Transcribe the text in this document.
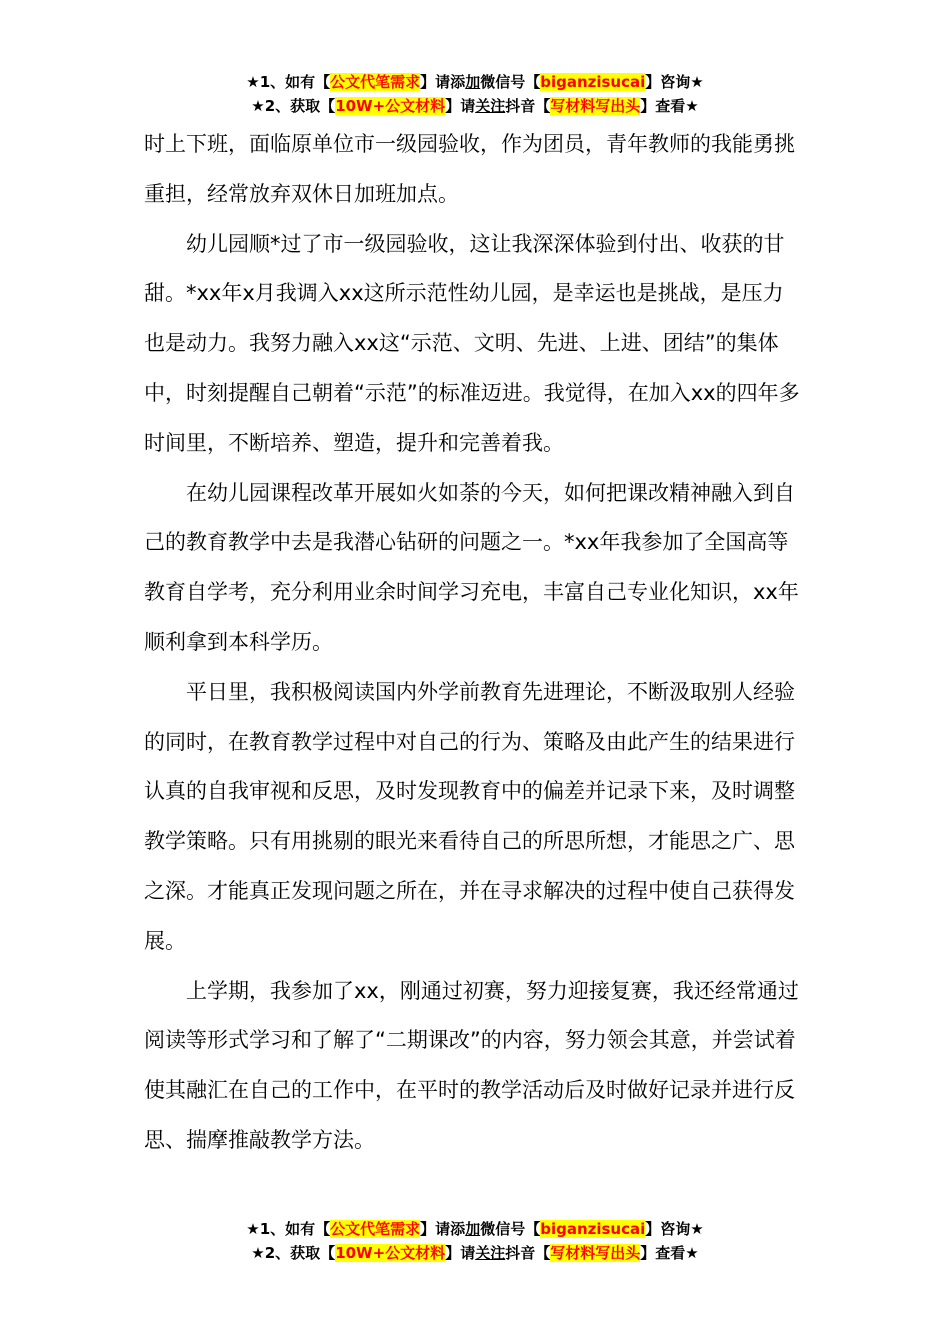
★1、如有【公文代笔需求】请添加微信号【biganzisucai】咨询★
★2、获取【10W+公文材料】请关注抖音【写材料写出头】查看★

时上下班，面临原单位市一级园验收，作为团员，青年教师的我能勇挑重担，经常放弃双休日加班加点。

幼儿园顺*过了市一级园验收，这让我深深体验到付出、收获的甘甜。*xx年x月我调入xx这所示范性幼儿园，是幸运也是挑战，是压力也是动力。我努力融入xx这“示范、文明、先进、上进、团结”的集体中，时刻提醒自己朝着“示范”的标准迈进。我觉得，在加入xx的四年多时间里，不断培养、塑造，提升和完善着我。

在幼儿园课程改革开展如火如荼的今天，如何把课改精神融入到自己的教育教学中去是我潜心钻研的问题之一。*xx年我参加了全国高等教育自学考，充分利用业余时间学习充电，丰富自己专业化知识，xx年顺利拿到本科学历。

平日里，我积极阅读国内外学前教育先进理论，不断汲取别人经验的同时，在教育教学过程中对自己的行为、策略及由此产生的结果进行认真的自我审视和反思，及时发现教育中的偏差并记录下来，及时调整教学策略。只有用挑剔的眼光来看待自己的所思所想，才能思之广、思之深。才能真正发现问题之所在，并在寻求解决的过程中使自己获得发展。

上学期，我参加了xx，刚通过初赛，努力迎接复赛，我还经常通过阅读等形式学习和了解了“二期课改”的内容，努力领会其意，并尝试着使其融汇在自己的工作中，在平时的教学活动后及时做好记录并进行反思、揣摩推敲教学方法。

★1、如有【公文代笔需求】请添加微信号【biganzisucai】咨询★
★2、获取【10W+公文材料】请关注抖音【写材料写出头】查看★
